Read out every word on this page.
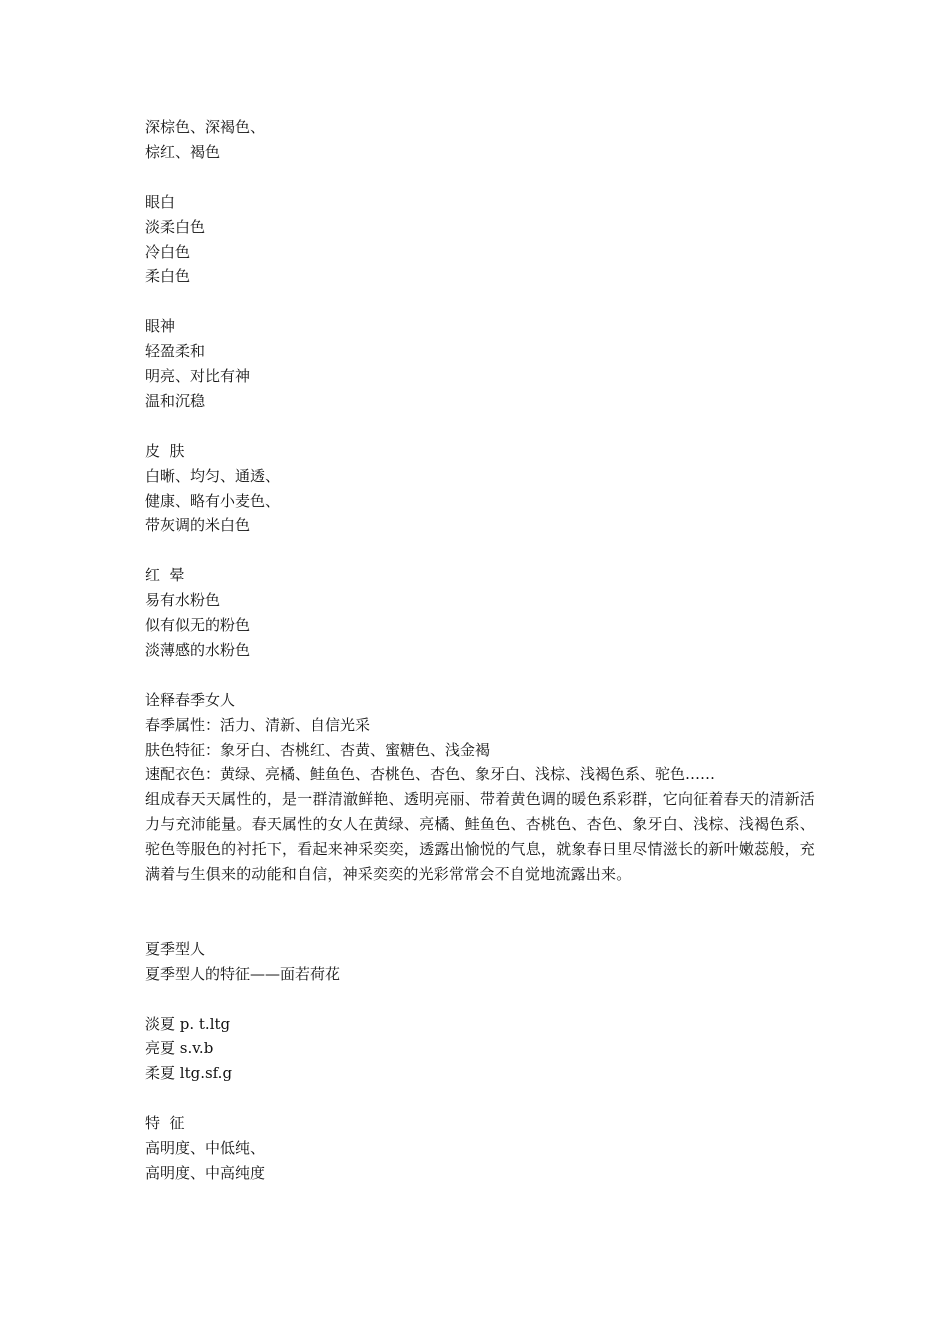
深棕色、深褐色、
棕红、褐色
眼白
淡柔白色
冷白色
柔白色
眼神
轻盈柔和
明亮、对比有神
温和沉稳
皮  肤
白晰、均匀、通透、
健康、略有小麦色、
带灰调的米白色
红  晕
易有水粉色
似有似无的粉色
淡薄感的水粉色
诠释春季女人
春季属性：活力、清新、自信光采
肤色特征：象牙白、杏桃红、杏黄、蜜糖色、浅金褐
速配衣色：黄绿、亮橘、鲑鱼色、杏桃色、杏色、象牙白、浅棕、浅褐色系、驼色……
组成春天天属性的，是一群清澈鲜艳、透明亮丽、带着黄色调的暖色系彩群，它向征着春天的清新活力与充沛能量。春天属性的女人在黄绿、亮橘、鲑鱼色、杏桃色、杏色、象牙白、浅棕、浅褐色系、驼色等服色的衬托下，看起来神采奕奕，透露出愉悦的气息，就象春日里尽情滋长的新叶嫩蕊般，充满着与生俱来的动能和自信，神采奕奕的光彩常常会不自觉地流露出来。
夏季型人
夏季型人的特征——面若荷花
淡夏 p. t.ltg
亮夏 s.v.b
柔夏 ltg.sf.g
特  征
高明度、中低纯、
高明度、中高纯度
